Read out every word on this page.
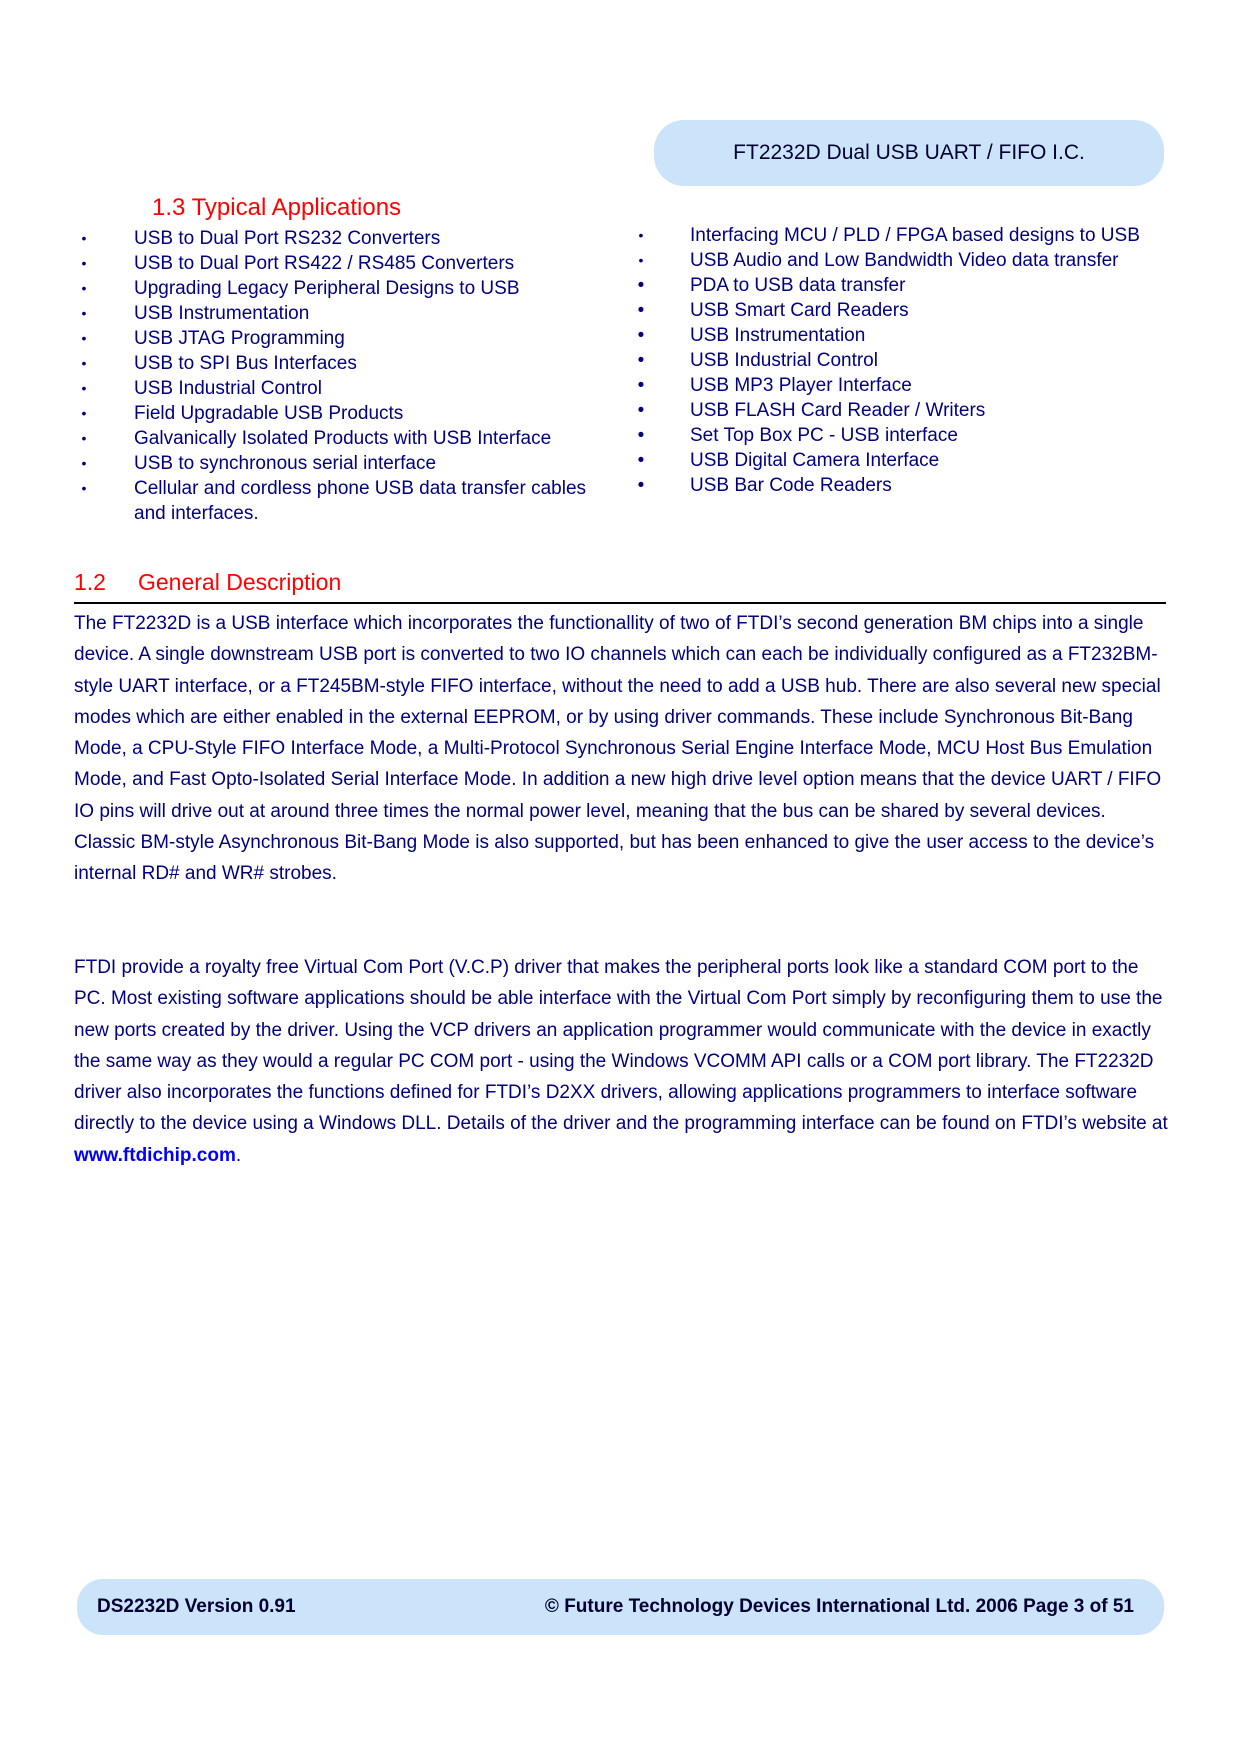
FT2232D Dual USB UART / FIFO I.C.
1.3 Typical Applications
•	USB to Dual Port RS232 Converters
•	USB to Dual Port RS422 / RS485 Converters
•	Upgrading Legacy Peripheral Designs to USB
•	USB Instrumentation
•	USB JTAG Programming
•	USB to SPI Bus Interfaces
•	USB Industrial Control
•	Field Upgradable USB Products
•	Galvanically Isolated Products with USB Interface
•	USB to synchronous serial interface
•	Cellular and cordless phone USB data transfer cables and interfaces.
•	Interfacing MCU / PLD / FPGA based designs to USB
•	USB Audio and Low Bandwidth Video data transfer
•	PDA to USB data transfer
•	USB Smart Card Readers
•	USB Instrumentation
•	USB Industrial Control
•	USB MP3 Player Interface
•	USB FLASH Card Reader / Writers
•	Set Top Box PC - USB interface
•	USB Digital Camera Interface
•	USB Bar Code Readers
1.2 General Description

The FT2232D is a USB interface which incorporates the functionallity of two of FTDI’s second generation BM chips into a single device. A single downstream USB port is converted to two IO channels which can each be individually configured as a FT232BM-style UART interface, or a FT245BM-style FIFO interface, without the need to add a USB hub. There are also several new special modes which are either enabled in the external EEPROM, or by using driver commands. These include Synchronous Bit-Bang Mode, a CPU-Style FIFO Interface Mode, a Multi-Protocol Synchronous Serial Engine Interface Mode, MCU Host Bus Emulation Mode, and Fast Opto-Isolated Serial Interface Mode. In addition a new high drive level option means that the device UART / FIFO IO pins will drive out at around three times the normal power level, meaning that the bus can be shared by several devices. Classic BM-style Asynchronous Bit-Bang Mode is also supported, but has been enhanced to give the user access to the device’s internal RD# and WR# strobes.

FTDI provide a royalty free Virtual Com Port (V.C.P) driver that makes the peripheral ports look like a standard COM port to the PC. Most existing software applications should be able interface with the Virtual Com Port simply by reconfiguring them to use the new ports created by the driver. Using the VCP drivers an application programmer would communicate with the device in exactly the same way as they would a regular PC COM port - using the Windows VCOMM API calls or a COM port library. The FT2232D driver also incorporates the functions defined for FTDI’s D2XX drivers, allowing applications programmers to interface software directly to the device using a Windows DLL. Details of the driver and the programming interface can be found on FTDI’s website at www.ftdichip.com.

DS2232D Version 0.91	© Future Technology Devices International Ltd. 2006 Page 3 of 51
